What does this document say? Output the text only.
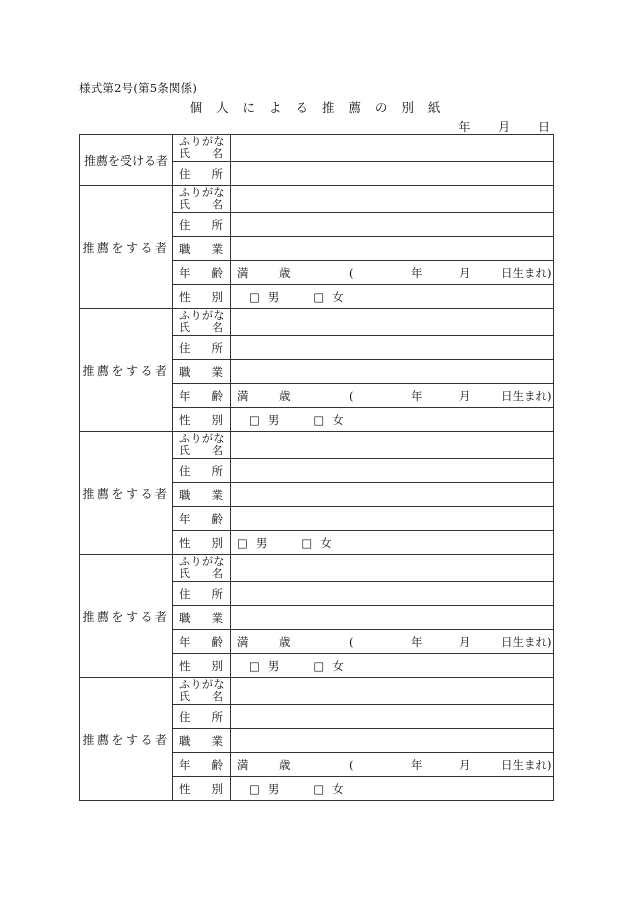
様式第2号(第5条関係)
個 人 に よ る 推 薦 の 別 紙
年 月 日
推薦を受ける者	ふりがな
氏 名	

	住 所	

推薦をする者	ふりがな
氏 名	

	住 所	

	職 業	

	年 齢	満 歳 ( 年 月 日生まれ)

	性 別	□ 男 □ 女
推薦をする者	ふりがな
氏 名	

	住 所	

	職 業	

	年 齢	満 歳 ( 年 月 日生まれ)

	性 別	□ 男 □ 女
推薦をする者	ふりがな
氏 名	

	住 所	

	職 業	

	年 齢	

	性 別	□ 男 □ 女
推薦をする者	ふりがな
氏 名	

	住 所	

	職 業	

	年 齢	満 歳 ( 年 月 日生まれ)

	性 別	□ 男 □ 女
推薦をする者	ふりがな
氏 名	

	住 所	

	職 業	

	年 齢	満 歳 ( 年 月 日生まれ)

	性 別	□ 男 □ 女
